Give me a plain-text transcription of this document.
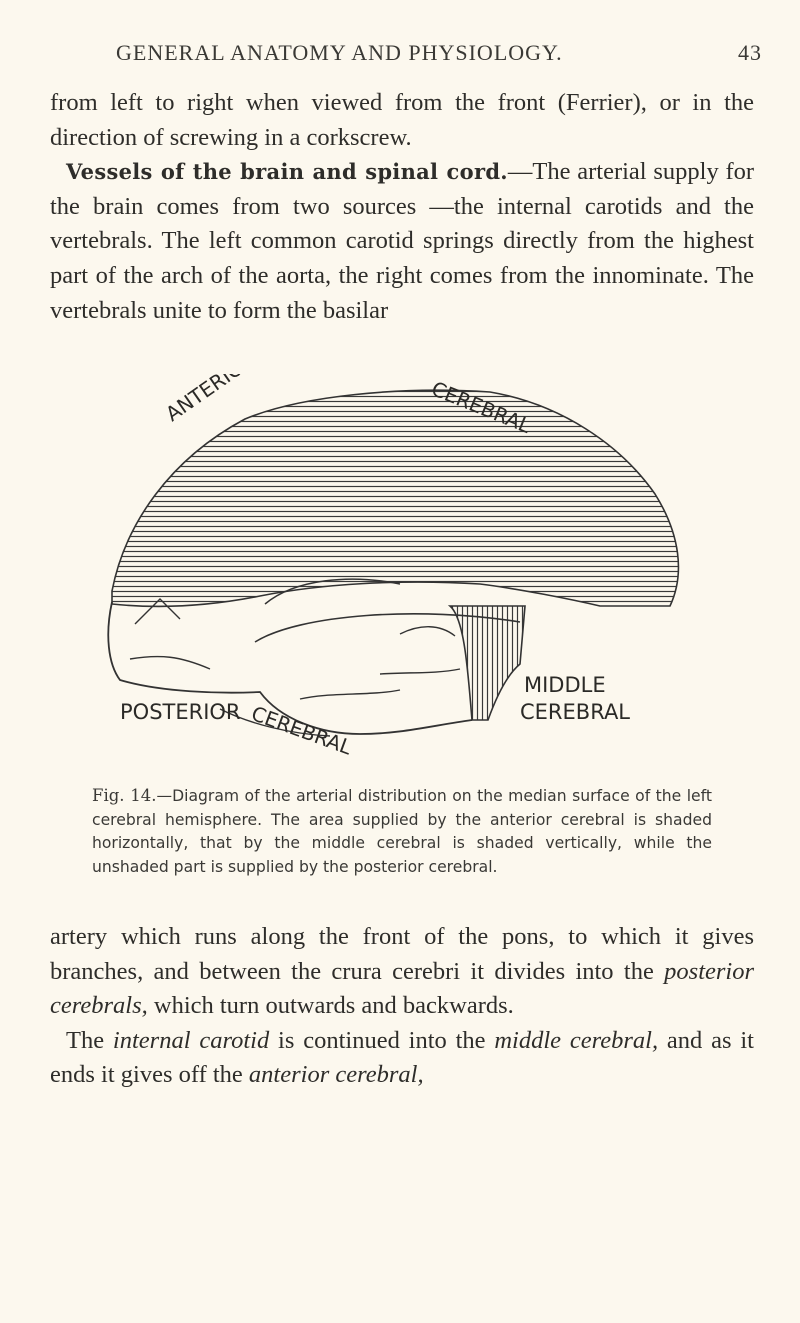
GENERAL ANATOMY AND PHYSIOLOGY.	43
from left to right when viewed from the front (Ferrier), or in the direction of screwing in a corkscrew.
Vessels of the brain and spinal cord.—The arterial supply for the brain comes from two sources —the internal carotids and the vertebrals. The left common carotid springs directly from the highest part of the arch of the aorta, the right comes from the innominate. The vertebrals unite to form the basilar
ANTERIOR	CEREBRAL
MIDDLE
CEREBRAL
POSTERIOR CEREBRAL
Fig. 14.—Diagram of the arterial distribution on the median surface of the left cerebral hemisphere. The area supplied by the anterior cerebral is shaded horizontally, that by the middle cerebral is shaded vertically, while the unshaded part is supplied by the posterior cerebral.
artery which runs along the front of the pons, to which it gives branches, and between the crura cerebri it divides into the posterior cerebrals, which turn outwards and backwards.
The internal carotid is continued into the middle cerebral, and as it ends it gives off the anterior cerebral,
